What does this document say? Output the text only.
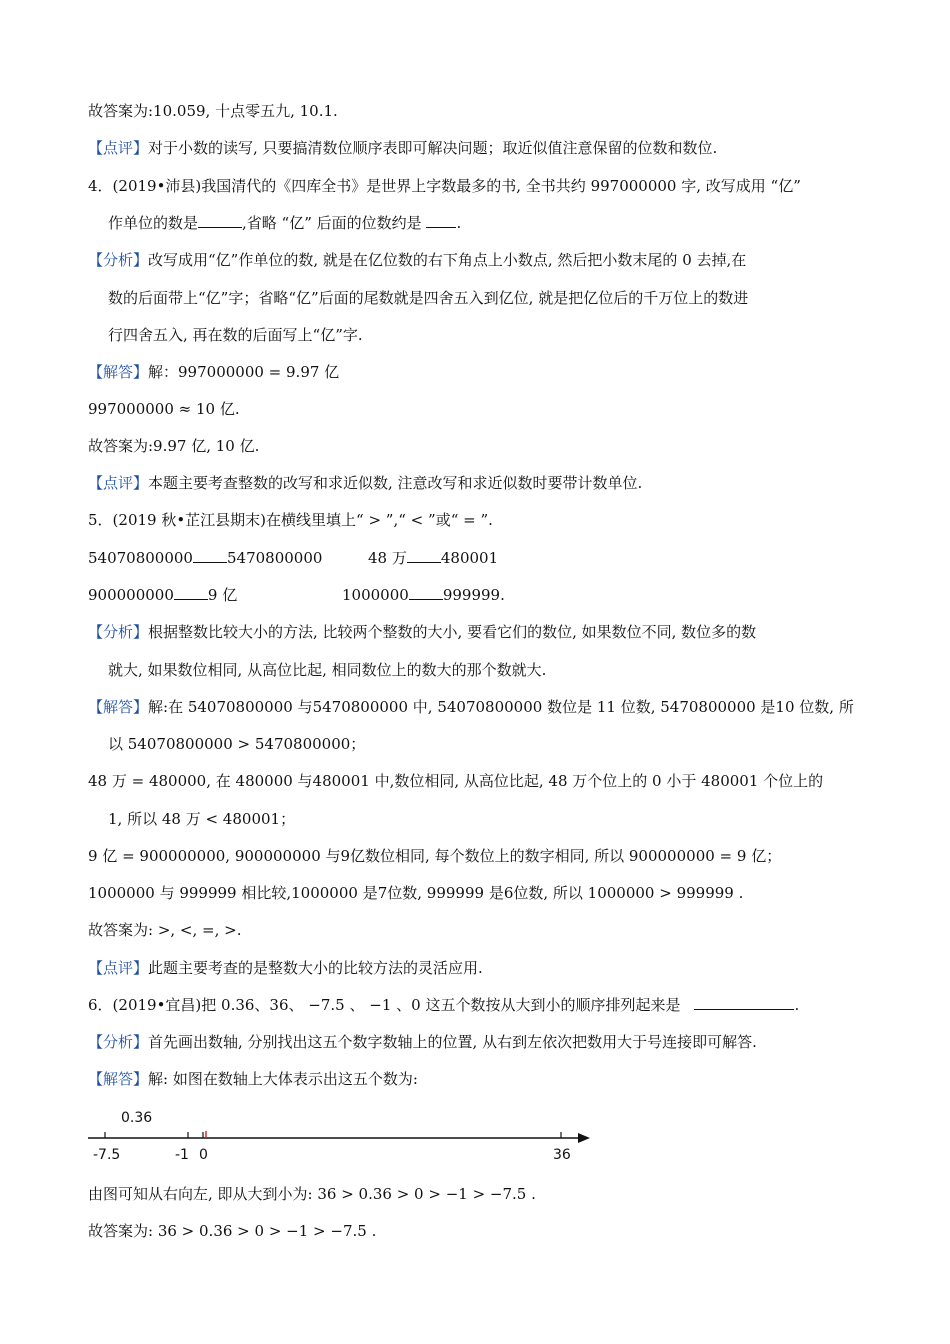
故答案为:10.059, 十点零五九, 10.1.
【点评】对于小数的读写, 只要搞清数位顺序表即可解决问题；取近似值注意保留的位数和数位.
4．(2019•沛县)我国清代的《四库全书》是世界上字数最多的书, 全书共约 997000000 字, 改写成用 “亿”
作单位的数是	,省略 “亿” 后面的位数约是 .
【分析】改写成用“亿”作单位的数, 就是在亿位数的右下角点上小数点, 然后把小数末尾的 0 去掉,在
数的后面带上“亿”字；省略“亿”后面的尾数就是四舍五入到亿位, 就是把亿位后的千万位上的数进
行四舍五入, 再在数的后面写上“亿”字.
【解答】解：997000000 = 9.97 亿
997000000 ≈ 10 亿.
故答案为:9.97 亿, 10 亿.
【点评】本题主要考查整数的改写和求近似数, 注意改写和求近似数时要带计数单位.
5．(2019 秋•芷江县期末)在横线里填上“ > ”,“ < ”或“ = ”.
54070800000 5470800000	48 万 480001
900000000 9 亿	1000000 999999.
【分析】根据整数比较大小的方法, 比较两个整数的大小, 要看它们的数位, 如果数位不同, 数位多的数
就大, 如果数位相同, 从高位比起, 相同数位上的数大的那个数就大.
【解答】解:在 54070800000 与5470800000 中, 54070800000 数位是 11 位数, 5470800000 是10 位数, 所
以 54070800000 > 5470800000；
48 万 = 480000, 在 480000 与480001 中,数位相同, 从高位比起, 48 万个位上的 0 小于 480001 个位上的
1, 所以 48 万 < 480001；
9 亿 = 900000000, 900000000 与9亿数位相同, 每个数位上的数字相同, 所以 900000000 = 9 亿；
1000000 与 999999 相比较,1000000 是7位数, 999999 是6位数, 所以 1000000 > 999999 .
故答案为: >, <, =, >.
【点评】此题主要考查的是整数大小的比较方法的灵活应用.
6．(2019•宜昌)把 0.36、36、 −7.5 、 −1 、0 这五个数按从大到小的顺序排列起来是	.
【分析】首先画出数轴, 分别找出这五个数字数轴上的位置, 从右到左依次把数用大于号连接即可解答.
【解答】解: 如图在数轴上大体表示出这五个数为:
0.36
-7.5	-1 0	36
由图可知从右向左, 即从大到小为: 36 > 0.36 > 0 > −1 > −7.5 .
故答案为: 36 > 0.36 > 0 > −1 > −7.5 .
